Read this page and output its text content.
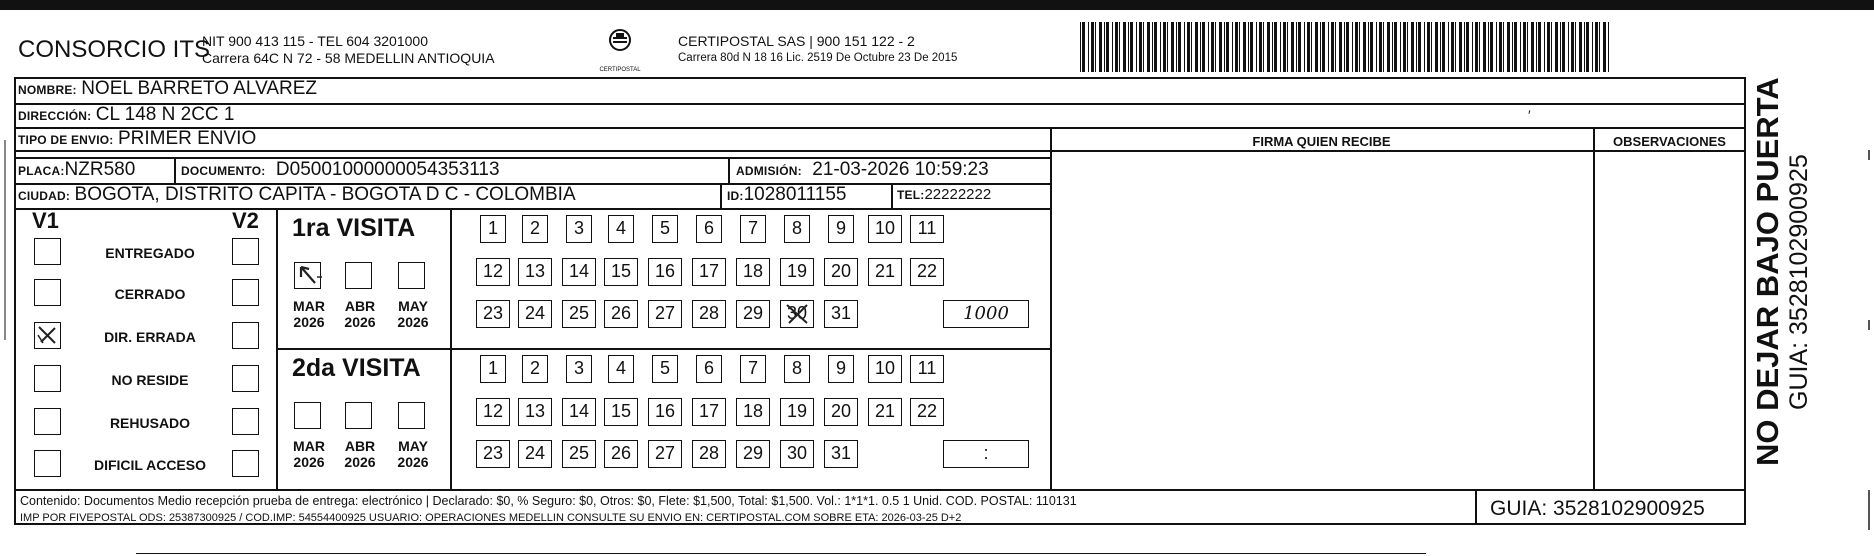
CONSORCIO ITS
NIT 900 413 115 - TEL 604 3201000
Carrera 64C N 72 - 58 MEDELLIN ANTIOQUIA
CERTIPOSTAL
CERTIPOSTAL SAS | 900 151 122 - 2
Carrera 80d N 18 16 Lic. 2519 De Octubre 23 De 2015
NOMBRE: NOEL BARRETO ALVAREZ
DIRECCIÓN: CL 148 N 2CC 1
TIPO DE ENVIO: PRIMER ENVIO
PLACA:NZR580	DOCUMENTO: D05001000000054353113	ADMISIÓN: 21-03-2026 10:59:23
CIUDAD: BOGOTA, DISTRITO CAPITA - BOGOTA D C - COLOMBIA	ID:1028011155	TEL:22222222
FIRMA QUIEN RECIBE	OBSERVACIONES
′
V1	V2
ENTREGADO
CERRADO
DIR. ERRADA
NO RESIDE
REHUSADO
DIFICIL ACCESO
1ra VISITA
2da VISITA
MAR
2026
ABR
2026
MAY
2026
MAR
2026
ABR
2026
MAY
2026
1	2	3	4	5	6	7	8	9	10	11
12	13	14	15	16	17	18	19	20	21	22
23	24	25	26	27	28	29	30	31	1000
1	2	3	4	5	6	7	8	9	10	11
12	13	14	15	16	17	18	19	20	21	22
23	24	25	26	27	28	29	30	31	:
Contenido: Documentos Medio recepción prueba de entrega: electrónico | Declarado: $0, % Seguro: $0, Otros: $0, Flete: $1,500, Total: $1,500. Vol.: 1*1*1. 0.5 1 Unid. COD. POSTAL: 110131
IMP POR FIVEPOSTAL ODS: 25387300925 / COD.IMP: 54554400925 USUARIO: OPERACIONES MEDELLIN CONSULTE SU ENVIO EN: CERTIPOSTAL.COM SOBRE ETA: 2026-03-25 D+2	GUIA: 3528102900925
NO DEJAR BAJO PUERTA GUIA: 3528102900925
